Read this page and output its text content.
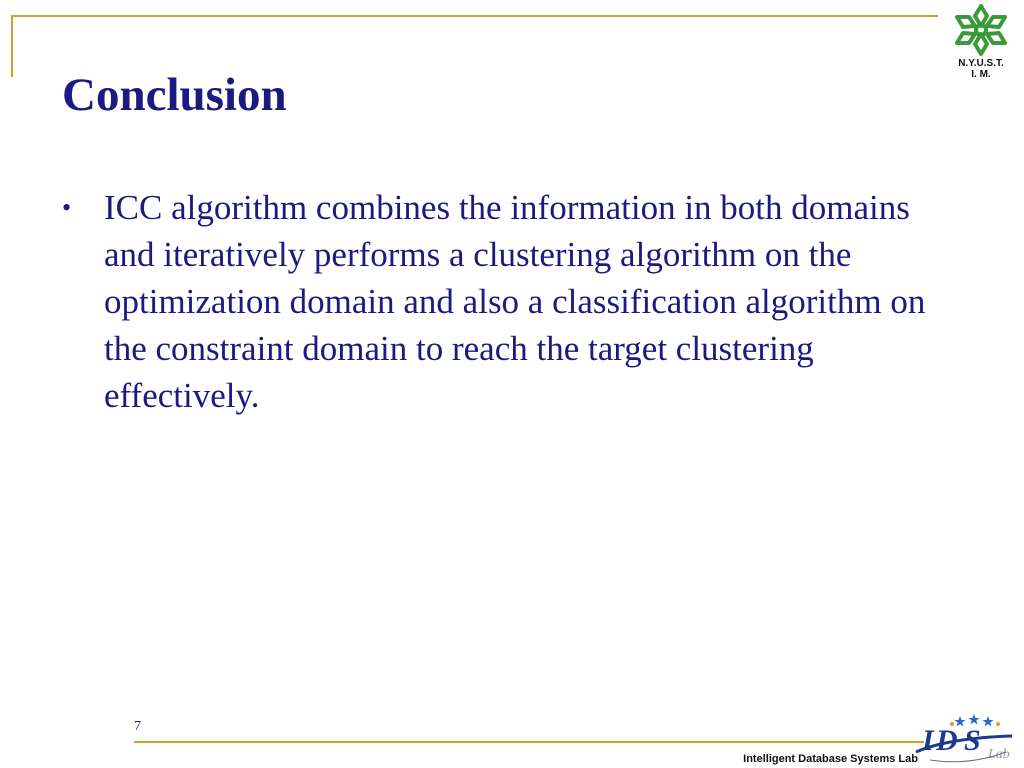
Conclusion
• ICC algorithm combines the information in both domains and iteratively performs a clustering algorithm on the optimization domain and also a classification algorithm on the constraint domain to reach the target clustering effectively.
N.Y.U.S.T.
I. M.
7
Intelligent Database Systems Lab
I D S Lab
